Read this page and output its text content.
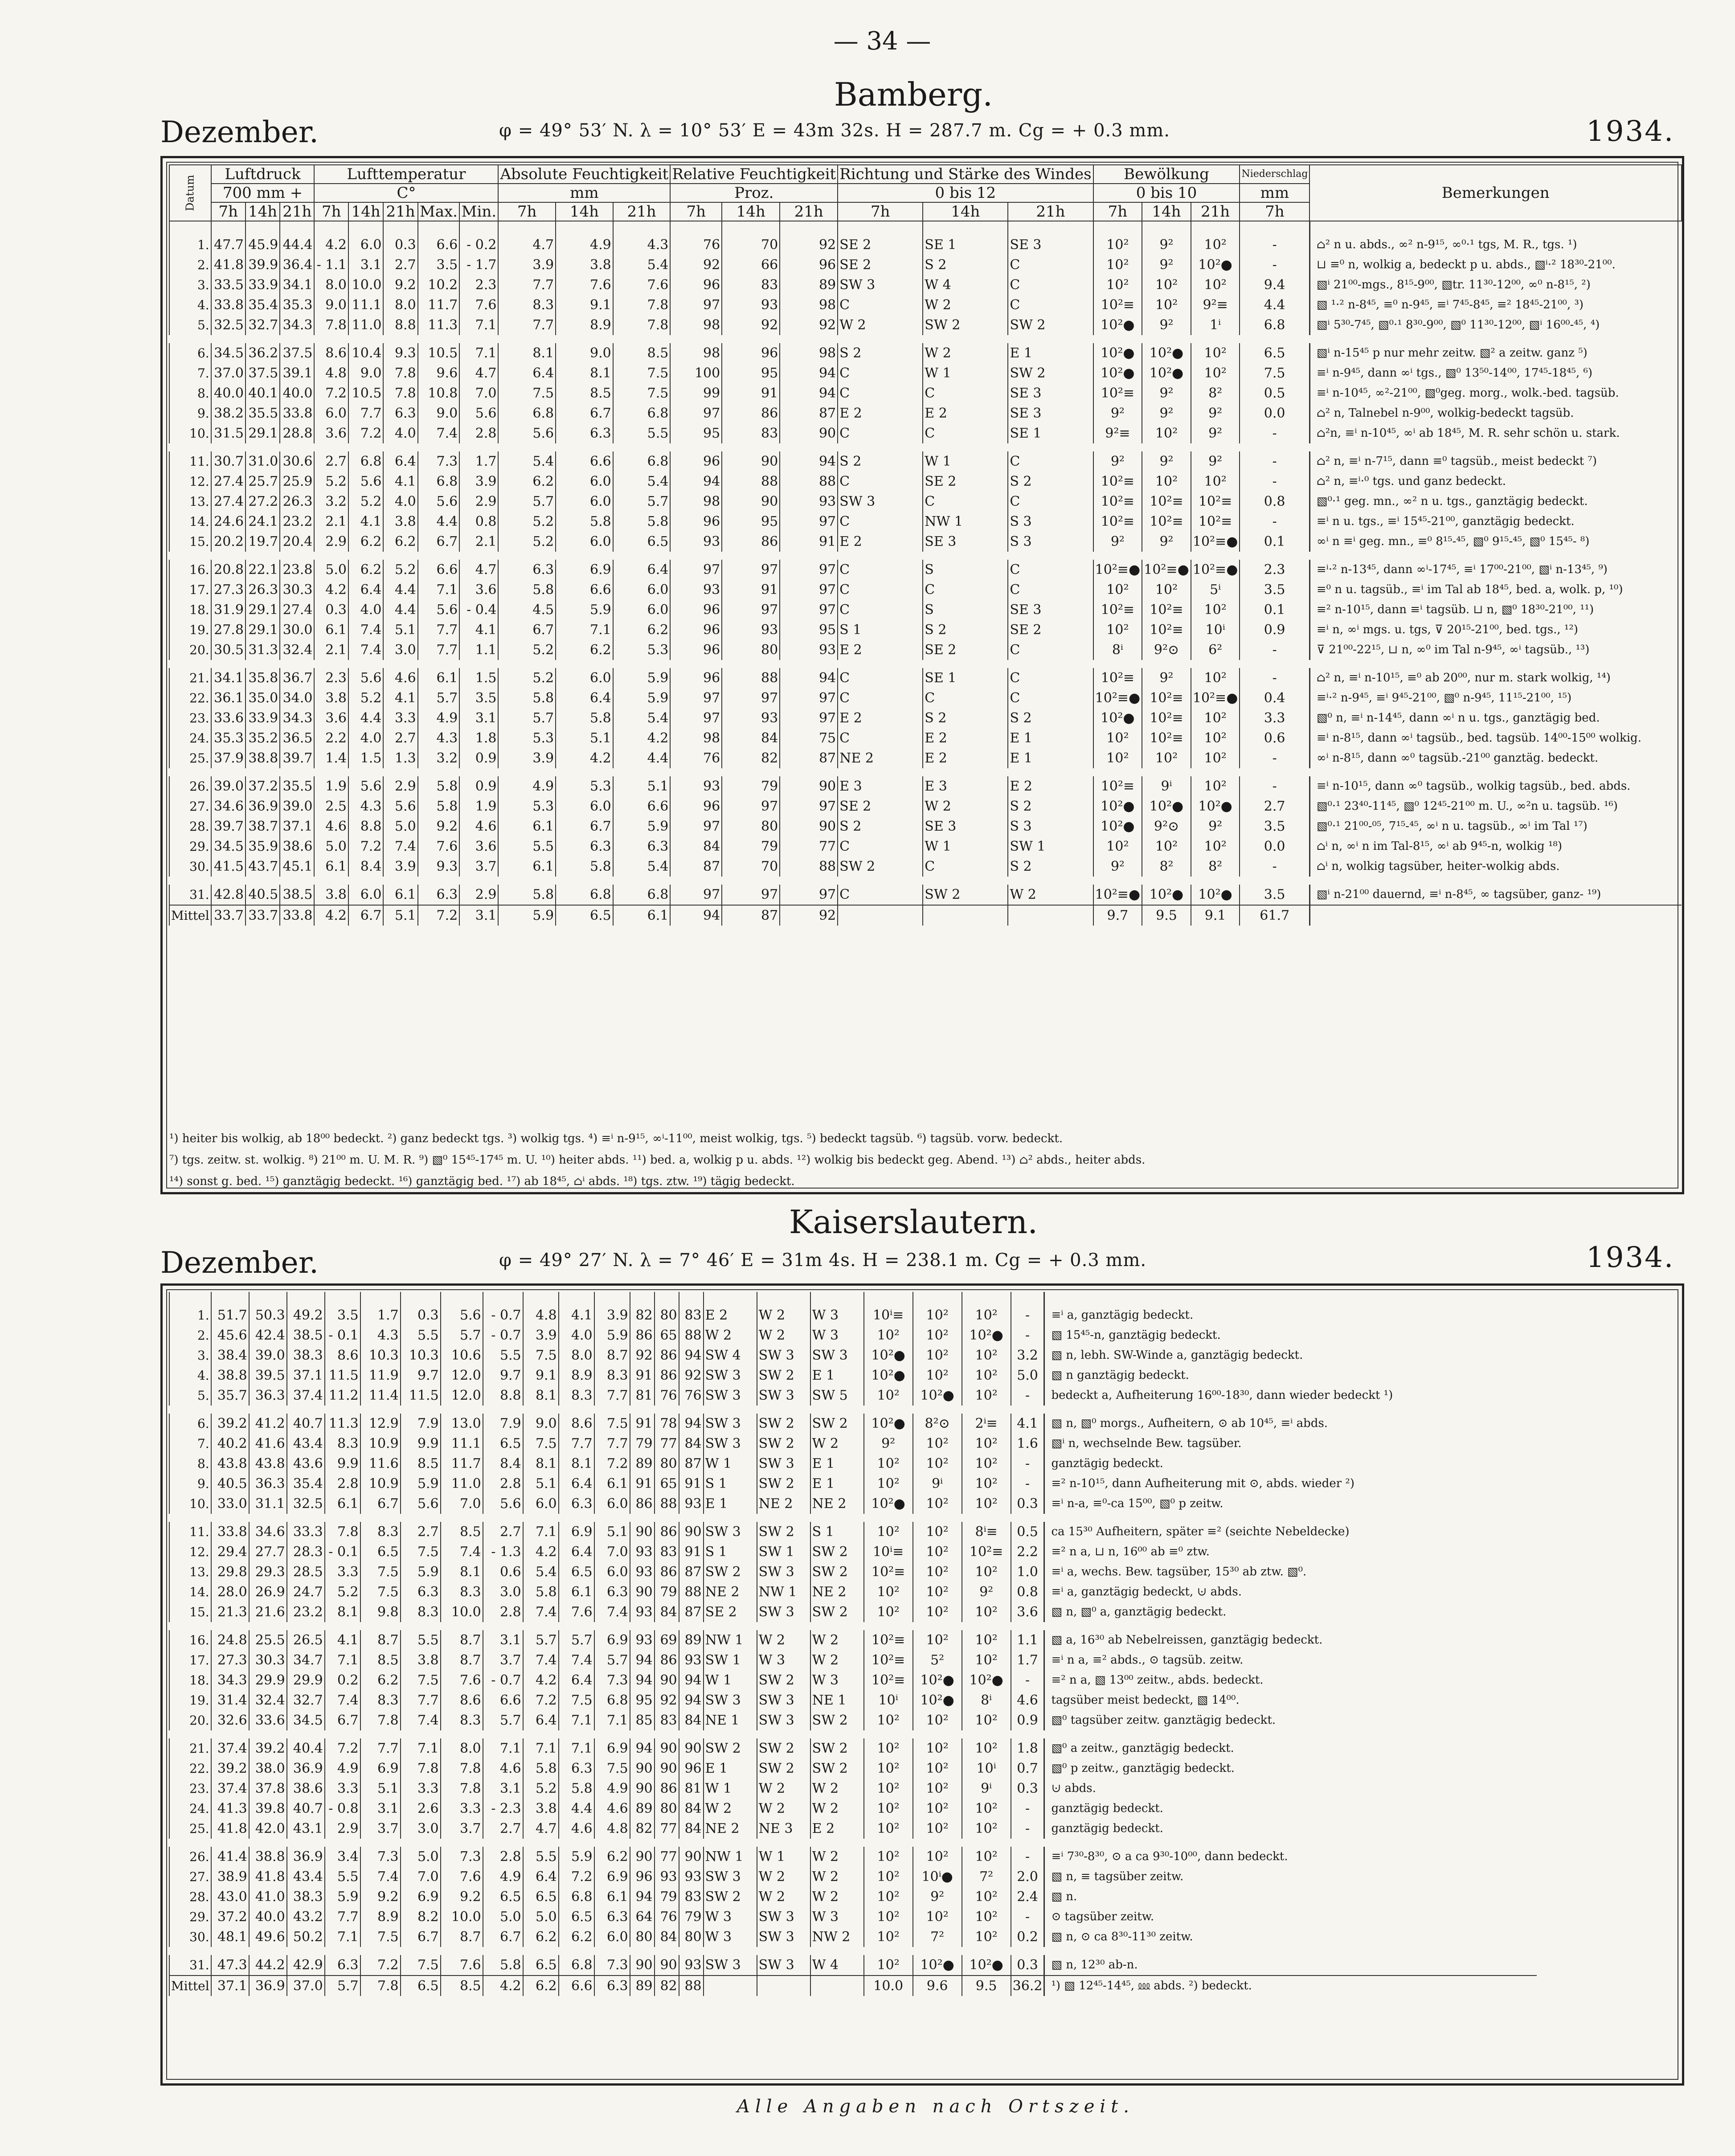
— 34 —
Bamberg.
Dezember.	φ = 49° 53′ N. λ = 10° 53′ E = 43m 32s. H = 287.7 m. Cg = + 0.3 mm.	1934.
Datum	Luftdruck			Lufttemperatur					Absolute Feuchtigkeit			Relative Feuchtigkeit			Richtung und Stärke des Windes			Bewölkung			Niederschlag	Bemerkungen
	700 mm +			C°					mm			Proz.			0 bis 12			0 bis 10			mm	
	7h	14h	21h	7h	14h	21h	Max.	Min.	7h	14h	21h	7h	14h	21h	7h	14h	21h	7h	14h	21h	7h	
1.	47.7	45.9	44.4	4.2	6.0	0.3	6.6	- 0.2	4.7	4.9	4.3	76	70	92	SE 2	SE 1	SE 3	10²	9²	10²	-	⌂² n u. abds., ∞² n-9¹⁵, ∞⁰·¹ tgs, M. R., tgs. ¹)
2.	41.8	39.9	36.4	- 1.1	3.1	2.7	3.5	- 1.7	3.9	3.8	5.4	92	66	96	SE 2	S 2	C	10²	9²	10²●	-	⊔ ≡⁰ n, wolkig a, bedeckt p u. abds., ▧ⁱ·² 18³⁰-21⁰⁰.
3.	33.5	33.9	34.1	8.0	10.0	9.2	10.2	2.3	7.7	7.6	7.6	96	83	89	SW 3	W 4	C	10²	10²	10²	9.4	▧ⁱ 21⁰⁰-mgs., 8¹⁵-9⁰⁰, ▧tr. 11³⁰-12⁰⁰, ∞⁰ n-8¹⁵, ²)
4.	33.8	35.4	35.3	9.0	11.1	8.0	11.7	7.6	8.3	9.1	7.8	97	93	98	C	W 2	C	10²≡	10²	9²≡	4.4	▧ ¹·² n-8⁴⁵, ≡⁰ n-9⁴⁵, ≡ⁱ 7⁴⁵-8⁴⁵, ≡² 18⁴⁵-21⁰⁰, ³)
5.	32.5	32.7	34.3	7.8	11.0	8.8	11.3	7.1	7.7	8.9	7.8	98	92	92	W 2	SW 2	SW 2	10²●	9²	1ⁱ	6.8	▧ⁱ 5³⁰-7⁴⁵, ▧⁰·¹ 8³⁰-9⁰⁰, ▧⁰ 11³⁰-12⁰⁰, ▧ⁱ 16⁰⁰-⁴⁵, ⁴)
6.	34.5	36.2	37.5	8.6	10.4	9.3	10.5	7.1	8.1	9.0	8.5	98	96	98	S 2	W 2	E 1	10²●	10²●	10²	6.5	▧ⁱ n-15⁴⁵ p nur mehr zeitw. ▧² a zeitw. ganz ⁵)
7.	37.0	37.5	39.1	4.8	9.0	7.8	9.6	4.7	6.4	8.1	7.5	100	95	94	C	W 1	SW 2	10²●	10²●	10²	7.5	≡ⁱ n-9⁴⁵, dann ∞ⁱ tgs., ▧⁰ 13⁵⁰-14⁰⁰, 17⁴⁵-18⁴⁵, ⁶)
8.	40.0	40.1	40.0	7.2	10.5	7.8	10.8	7.0	7.5	8.5	7.5	99	91	94	C	C	SE 3	10²≡	9²	8²	0.5	≡ⁱ n-10⁴⁵, ∞²-21⁰⁰, ▧⁰geg. morg., wolk.-bed. tagsüb.
9.	38.2	35.5	33.8	6.0	7.7	6.3	9.0	5.6	6.8	6.7	6.8	97	86	87	E 2	E 2	SE 3	9²	9²	9²	0.0	⌂² n, Talnebel n-9⁰⁰, wolkig-bedeckt tagsüb.
10.	31.5	29.1	28.8	3.6	7.2	4.0	7.4	2.8	5.6	6.3	5.5	95	83	90	C	C	SE 1	9²≡	10²	9²	-	⌂²n, ≡ⁱ n-10⁴⁵, ∞ⁱ ab 18⁴⁵, M. R. sehr schön u. stark.
11.	30.7	31.0	30.6	2.7	6.8	6.4	7.3	1.7	5.4	6.6	6.8	96	90	94	S 2	W 1	C	9²	9²	9²	-	⌂² n, ≡ⁱ n-7¹⁵, dann ≡⁰ tagsüb., meist bedeckt ⁷)
12.	27.4	25.7	25.9	5.2	5.6	4.1	6.8	3.9	6.2	6.0	5.4	94	88	88	C	SE 2	S 2	10²≡	10²	10²	-	⌂² n, ≡ⁱ·⁰ tgs. und ganz bedeckt.
13.	27.4	27.2	26.3	3.2	5.2	4.0	5.6	2.9	5.7	6.0	5.7	98	90	93	SW 3	C	C	10²≡	10²≡	10²≡	0.8	▧⁰·¹ geg. mn., ∞² n u. tgs., ganztägig bedeckt.
14.	24.6	24.1	23.2	2.1	4.1	3.8	4.4	0.8	5.2	5.8	5.8	96	95	97	C	NW 1	S 3	10²≡	10²≡	10²≡	-	≡ⁱ n u. tgs., ≡ⁱ 15⁴⁵-21⁰⁰, ganztägig bedeckt.
15.	20.2	19.7	20.4	2.9	6.2	6.2	6.7	2.1	5.2	6.0	6.5	93	86	91	E 2	SE 3	S 3	9²	9²	10²≡●	0.1	∞ⁱ n ≡ⁱ geg. mn., ≡⁰ 8¹⁵-⁴⁵, ▧⁰ 9¹⁵-⁴⁵, ▧⁰ 15⁴⁵- ⁸)
16.	20.8	22.1	23.8	5.0	6.2	5.2	6.6	4.7	6.3	6.9	6.4	97	97	97	C	S	C	10²≡●	10²≡●	10²≡●	2.3	≡ⁱ·² n-13⁴⁵, dann ∞ⁱ-17⁴⁵, ≡ⁱ 17⁰⁰-21⁰⁰, ▧ⁱ n-13⁴⁵, ⁹)
17.	27.3	26.3	30.3	4.2	6.4	4.4	7.1	3.6	5.8	6.6	6.0	93	91	97	C	C	C	10²	10²	5ⁱ	3.5	≡⁰ n u. tagsüb., ≡ⁱ im Tal ab 18⁴⁵, bed. a, wolk. p, ¹⁰)
18.	31.9	29.1	27.4	0.3	4.0	4.4	5.6	- 0.4	4.5	5.9	6.0	96	97	97	C	S	SE 3	10²≡	10²≡	10²	0.1	≡² n-10¹⁵, dann ≡ⁱ tagsüb. ⊔ n, ▧⁰ 18³⁰-21⁰⁰, ¹¹)
19.	27.8	29.1	30.0	6.1	7.4	5.1	7.7	4.1	6.7	7.1	6.2	96	93	95	S 1	S 2	SE 2	10²	10²≡	10ⁱ	0.9	≡ⁱ n, ∞ⁱ mgs. u. tgs, ⊽ 20¹⁵-21⁰⁰, bed. tgs., ¹²)
20.	30.5	31.3	32.4	2.1	7.4	3.0	7.7	1.1	5.2	6.2	5.3	96	80	93	E 2	SE 2	C	8ⁱ	9²⊙	6²	-	⊽ 21⁰⁰-22¹⁵, ⊔ n, ∞⁰ im Tal n-9⁴⁵, ∞ⁱ tagsüb., ¹³)
21.	34.1	35.8	36.7	2.3	5.6	4.6	6.1	1.5	5.2	6.0	5.9	96	88	94	C	SE 1	C	10²≡	9²	10²	-	⌂² n, ≡ⁱ n-10¹⁵, ≡⁰ ab 20⁰⁰, nur m. stark wolkig, ¹⁴)
22.	36.1	35.0	34.0	3.8	5.2	4.1	5.7	3.5	5.8	6.4	5.9	97	97	97	C	C	C	10²≡●	10²≡	10²≡●	0.4	≡ⁱ·² n-9⁴⁵, ≡ⁱ 9⁴⁵-21⁰⁰, ▧⁰ n-9⁴⁵, 11¹⁵-21⁰⁰, ¹⁵)
23.	33.6	33.9	34.3	3.6	4.4	3.3	4.9	3.1	5.7	5.8	5.4	97	93	97	E 2	S 2	S 2	10²●	10²≡	10²	3.3	▧⁰ n, ≡ⁱ n-14⁴⁵, dann ∞ⁱ n u. tgs., ganztägig bed.
24.	35.3	35.2	36.5	2.2	4.0	2.7	4.3	1.8	5.3	5.1	4.2	98	84	75	C	E 2	E 1	10²	10²≡	10²	0.6	≡ⁱ n-8¹⁵, dann ∞ⁱ tagsüb., bed. tagsüb. 14⁰⁰-15⁰⁰ wolkig.
25.	37.9	38.8	39.7	1.4	1.5	1.3	3.2	0.9	3.9	4.2	4.4	76	82	87	NE 2	E 2	E 1	10²	10²	10²	-	∞ⁱ n-8¹⁵, dann ∞⁰ tagsüb.-21⁰⁰ ganztäg. bedeckt.
26.	39.0	37.2	35.5	1.9	5.6	2.9	5.8	0.9	4.9	5.3	5.1	93	79	90	E 3	E 3	E 2	10²≡	9ⁱ	10²	-	≡ⁱ n-10¹⁵, dann ∞⁰ tagsüb., wolkig tagsüb., bed. abds.
27.	34.6	36.9	39.0	2.5	4.3	5.6	5.8	1.9	5.3	6.0	6.6	96	97	97	SE 2	W 2	S 2	10²●	10²●	10²●	2.7	▧⁰·¹ 23⁴⁰-11⁴⁵, ▧⁰ 12⁴⁵-21⁰⁰ m. U., ∞²n u. tagsüb. ¹⁶)
28.	39.7	38.7	37.1	4.6	8.8	5.0	9.2	4.6	6.1	6.7	5.9	97	80	90	S 2	SE 3	S 3	10²●	9²⊙	9²	3.5	▧⁰·¹ 21⁰⁰-⁰⁵, 7¹⁵-⁴⁵, ∞ⁱ n u. tagsüb., ∞ⁱ im Tal ¹⁷)
29.	34.5	35.9	38.6	5.0	7.2	7.4	7.6	3.6	5.5	6.3	6.3	84	79	77	C	W 1	SW 1	10²	10²	10²	0.0	⌂ⁱ n, ∞ⁱ n im Tal-8¹⁵, ∞ⁱ ab 9⁴⁵-n, wolkig ¹⁸)
30.	41.5	43.7	45.1	6.1	8.4	3.9	9.3	3.7	6.1	5.8	5.4	87	70	88	SW 2	C	S 2	9²	8²	8²	-	⌂ⁱ n, wolkig tagsüber, heiter-wolkig abds.
31.	42.8	40.5	38.5	3.8	6.0	6.1	6.3	2.9	5.8	6.8	6.8	97	97	97	C	SW 2	W 2	10²≡●	10²●	10²●	3.5	▧ⁱ n-21⁰⁰ dauernd, ≡ⁱ n-8⁴⁵, ∞ tagsüber, ganz- ¹⁹)
Mittel	33.7	33.7	33.8	4.2	6.7	5.1	7.2	3.1	5.9	6.5	6.1	94	87	92				9.7	9.5	9.1	61.7	
¹) heiter bis wolkig, ab 18⁰⁰ bedeckt. ²) ganz bedeckt tgs. ³) wolkig tgs. ⁴) ≡ⁱ n-9¹⁵, ∞ⁱ-11⁰⁰, meist wolkig, tgs. ⁵) bedeckt tagsüb. ⁶) tagsüb. vorw. bedeckt.
⁷) tgs. zeitw. st. wolkig. ⁸) 21⁰⁰ m. U. M. R. ⁹) ▧⁰ 15⁴⁵-17⁴⁵ m. U. ¹⁰) heiter abds. ¹¹) bed. a, wolkig p u. abds. ¹²) wolkig bis bedeckt geg. Abend. ¹³) ⌂² abds., heiter abds.
¹⁴) sonst g. bed. ¹⁵) ganztägig bedeckt. ¹⁶) ganztägig bed. ¹⁷) ab 18⁴⁵, ⌂ⁱ abds. ¹⁸) tgs. ztw. ¹⁹) tägig bedeckt.
Kaiserslautern.
Dezember.	φ = 49° 27′ N. λ = 7° 46′ E = 31m 4s. H = 238.1 m. Cg = + 0.3 mm.	1934.
1.	51.7	50.3	49.2	3.5	1.7	0.3	5.6	- 0.7	4.8	4.1	3.9	82	80	83	E 2	W 2	W 3	10ⁱ≡	10²	10²	-	≡ⁱ a, ganztägig bedeckt.
2.	45.6	42.4	38.5	- 0.1	4.3	5.5	5.7	- 0.7	3.9	4.0	5.9	86	65	88	W 2	W 2	W 3	10²	10²	10²●	-	▧ 15⁴⁵-n, ganztägig bedeckt.
3.	38.4	39.0	38.3	8.6	10.3	10.3	10.6	5.5	7.5	8.0	8.7	92	86	94	SW 4	SW 3	SW 3	10²●	10²	10²	3.2	▧ n, lebh. SW-Winde a, ganztägig bedeckt.
4.	38.8	39.5	37.1	11.5	11.9	9.7	12.0	9.7	9.1	8.9	8.3	91	86	92	SW 3	SW 2	E 1	10²●	10²	10²	5.0	▧ n ganztägig bedeckt.
5.	35.7	36.3	37.4	11.2	11.4	11.5	12.0	8.8	8.1	8.3	7.7	81	76	76	SW 3	SW 3	SW 5	10²	10²●	10²	-	bedeckt a, Aufheiterung 16⁰⁰-18³⁰, dann wieder bedeckt ¹)
6.	39.2	41.2	40.7	11.3	12.9	7.9	13.0	7.9	9.0	8.6	7.5	91	78	94	SW 3	SW 2	SW 2	10²●	8²⊙	2ⁱ≡	4.1	▧ n, ▧⁰ morgs., Aufheitern, ⊙ ab 10⁴⁵, ≡ⁱ abds.
7.	40.2	41.6	43.4	8.3	10.9	9.9	11.1	6.5	7.5	7.7	7.7	79	77	84	SW 3	SW 2	W 2	9²	10²	10²	1.6	▧ⁱ n, wechselnde Bew. tagsüber.
8.	43.8	43.8	43.6	9.9	11.6	8.5	11.7	8.4	8.1	8.1	7.2	89	80	87	W 1	SW 3	E 1	10²	10²	10²	-	ganztägig bedeckt.
9.	40.5	36.3	35.4	2.8	10.9	5.9	11.0	2.8	5.1	6.4	6.1	91	65	91	S 1	SW 2	E 1	10²	9ⁱ	10²	-	≡² n-10¹⁵, dann Aufheiterung mit ⊙, abds. wieder ²)
10.	33.0	31.1	32.5	6.1	6.7	5.6	7.0	5.6	6.0	6.3	6.0	86	88	93	E 1	NE 2	NE 2	10²●	10²	10²	0.3	≡ⁱ n-a, ≡⁰-ca 15⁰⁰, ▧⁰ p zeitw.
11.	33.8	34.6	33.3	7.8	8.3	2.7	8.5	2.7	7.1	6.9	5.1	90	86	90	SW 3	SW 2	S 1	10²	10²	8ⁱ≡	0.5	ca 15³⁰ Aufheitern, später ≡² (seichte Nebeldecke)
12.	29.4	27.7	28.3	- 0.1	6.5	7.5	7.4	- 1.3	4.2	6.4	7.0	93	83	91	S 1	SW 1	SW 2	10ⁱ≡	10²	10²≡	2.2	≡² n a, ⊔ n, 16⁰⁰ ab ≡⁰ ztw.
13.	29.8	29.3	28.5	3.3	7.5	5.9	8.1	0.6	5.4	6.5	6.0	93	86	87	SW 2	SW 3	SW 2	10²≡	10²	10²	1.0	≡ⁱ a, wechs. Bew. tagsüber, 15³⁰ ab ztw. ▧⁰.
14.	28.0	26.9	24.7	5.2	7.5	6.3	8.3	3.0	5.8	6.1	6.3	90	79	88	NE 2	NW 1	NE 2	10²	10²	9²	0.8	≡ⁱ a, ganztägig bedeckt, ⊍ abds.
15.	21.3	21.6	23.2	8.1	9.8	8.3	10.0	2.8	7.4	7.6	7.4	93	84	87	SE 2	SW 3	SW 2	10²	10²	10²	3.6	▧ n, ▧⁰ a, ganztägig bedeckt.
16.	24.8	25.5	26.5	4.1	8.7	5.5	8.7	3.1	5.7	5.7	6.9	93	69	89	NW 1	W 2	W 2	10²≡	10²	10²	1.1	▧ a, 16³⁰ ab Nebelreissen, ganztägig bedeckt.
17.	27.3	30.3	34.7	7.1	8.5	3.8	8.7	3.7	7.4	7.4	5.7	94	86	93	SW 1	W 3	W 2	10²≡	5²	10²	1.7	≡ⁱ n a, ≡² abds., ⊙ tagsüb. zeitw.
18.	34.3	29.9	29.9	0.2	6.2	7.5	7.6	- 0.7	4.2	6.4	7.3	94	90	94	W 1	SW 2	W 3	10²≡	10²●	10²●	-	≡² n a, ▧ 13⁰⁰ zeitw., abds. bedeckt.
19.	31.4	32.4	32.7	7.4	8.3	7.7	8.6	6.6	7.2	7.5	6.8	95	92	94	SW 3	SW 3	NE 1	10ⁱ	10²●	8ⁱ	4.6	tagsüber meist bedeckt, ▧ 14⁰⁰.
20.	32.6	33.6	34.5	6.7	7.8	7.4	8.3	5.7	6.4	7.1	7.1	85	83	84	NE 1	SW 3	SW 2	10²	10²	10²	0.9	▧⁰ tagsüber zeitw. ganztägig bedeckt.
21.	37.4	39.2	40.4	7.2	7.7	7.1	8.0	7.1	7.1	7.1	6.9	94	90	90	SW 2	SW 2	SW 2	10²	10²	10²	1.8	▧⁰ a zeitw., ganztägig bedeckt.
22.	39.2	38.0	36.9	4.9	6.9	7.8	7.8	4.6	5.8	6.3	7.5	90	90	96	E 1	SW 2	SW 2	10²	10²	10ⁱ	0.7	▧⁰ p zeitw., ganztägig bedeckt.
23.	37.4	37.8	38.6	3.3	5.1	3.3	7.8	3.1	5.2	5.8	4.9	90	86	81	W 1	W 2	W 2	10²	10²	9ⁱ	0.3	⊍ abds.
24.	41.3	39.8	40.7	- 0.8	3.1	2.6	3.3	- 2.3	3.8	4.4	4.6	89	80	84	W 2	W 2	W 2	10²	10²	10²	-	ganztägig bedeckt.
25.	41.8	42.0	43.1	2.9	3.7	3.0	3.7	2.7	4.7	4.6	4.8	82	77	84	NE 2	NE 3	E 2	10²	10²	10²	-	ganztägig bedeckt.
26.	41.4	38.8	36.9	3.4	7.3	5.0	7.3	2.8	5.5	5.9	6.2	90	77	90	NW 1	W 1	W 2	10²	10²	10²	-	≡ⁱ 7³⁰-8³⁰, ⊙ a ca 9³⁰-10⁰⁰, dann bedeckt.
27.	38.9	41.8	43.4	5.5	7.4	7.0	7.6	4.9	6.4	7.2	6.9	96	93	93	SW 3	W 2	W 2	10²	10ⁱ●	7²	2.0	▧ n, ≡ tagsüber zeitw.
28.	43.0	41.0	38.3	5.9	9.2	6.9	9.2	6.5	6.5	6.8	6.1	94	79	83	SW 2	W 2	W 2	10²	9²	10²	2.4	▧ n.
29.	37.2	40.0	43.2	7.7	8.9	8.2	10.0	5.0	5.0	6.5	6.3	64	76	79	W 3	SW 3	W 3	10²	10²	10²	-	⊙ tagsüber zeitw.
30.	48.1	49.6	50.2	7.1	7.5	6.7	8.7	6.7	6.2	6.2	6.0	80	84	80	W 3	SW 3	NW 2	10²	7²	10²	0.2	▧ n, ⊙ ca 8³⁰-11³⁰ zeitw.
31.	47.3	44.2	42.9	6.3	7.2	7.5	7.6	5.8	6.5	6.8	7.3	90	90	93	SW 3	SW 3	W 4	10²	10²●	10²●	0.3	▧ n, 12³⁰ ab-n.
Mittel	37.1	36.9	37.0	5.7	7.8	6.5	8.5	4.2	6.2	6.6	6.3	89	82	88				10.0	9.6	9.5	36.2	¹) ▧ 12⁴⁵-14⁴⁵, ⅏ abds. ²) bedeckt.
Alle Angaben nach Ortszeit.
